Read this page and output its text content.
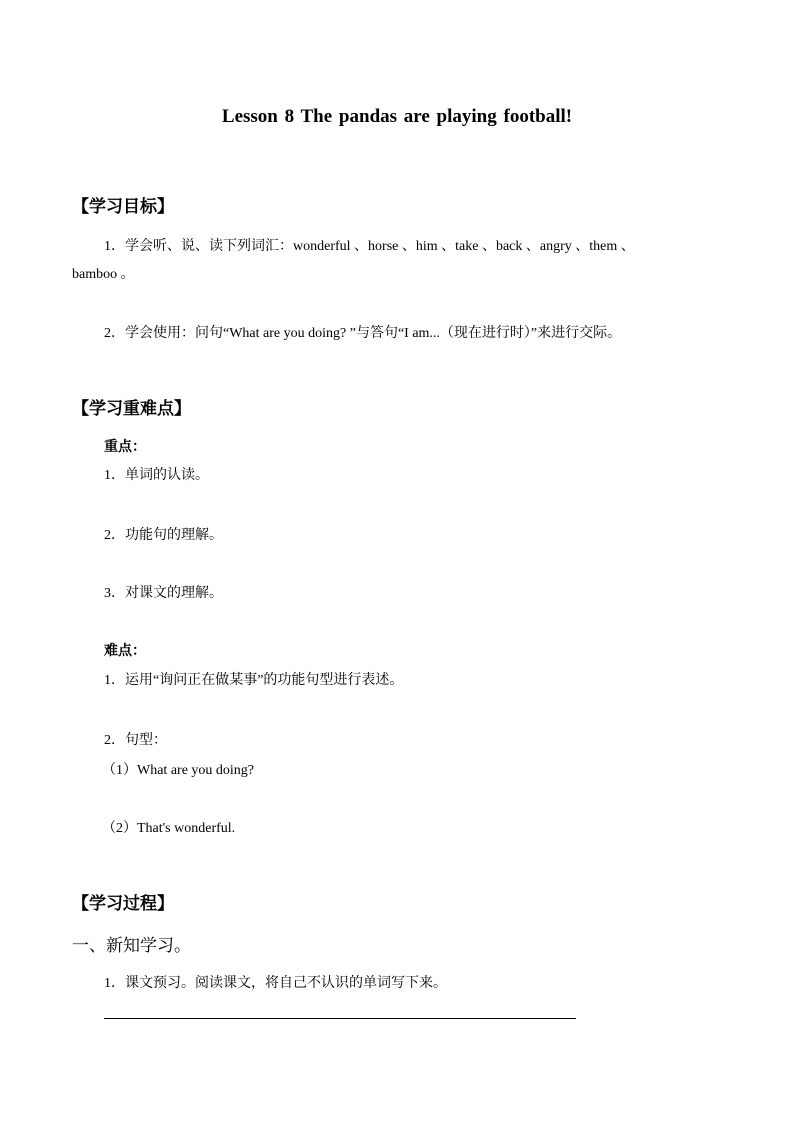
Lesson 8 The pandas are playing football!
【学习目标】
1．学会听、说、读下列词汇：wonderful 、horse 、him 、take 、back 、angry 、them 、
bamboo 。
2．学会使用：问句“What are you doing? ”与答句“I am...（现在进行时）”来进行交际。
【学习重难点】
重点：
1．单词的认读。
2．功能句的理解。
3．对课文的理解。
难点：
1．运用“询问正在做某事”的功能句型进行表述。
2．句型：
（1）What are you doing?
（2）That's wonderful.
【学习过程】
一、新知学习。
1．课文预习。阅读课文，将自己不认识的单词写下来。
